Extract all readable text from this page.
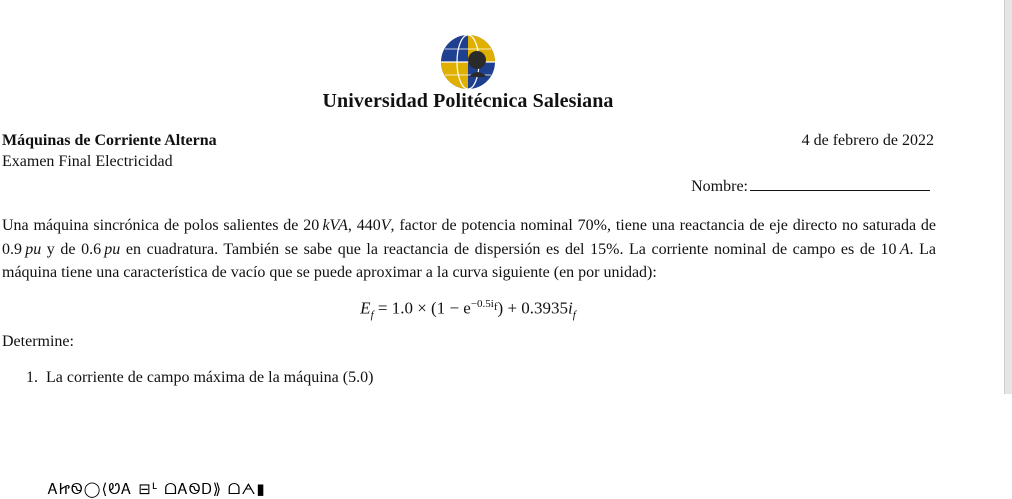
Universidad Politécnica Salesiana
Máquinas de Corriente Alterna	4 de febrero de 2022
Examen Final Electricidad
Nombre:

Una máquina sincrónica de polos salientes de 20  kVA, 440V, factor de potencia nominal 70%, tiene una reactancia de eje directo no saturada de 0.9  pu y de 0.6  pu en cuadratura. También se sabe que la reactancia de dispersión es del 15%. La corriente nominal de campo es de 10  A. La máquina tiene una característica de vacío que se puede aproximar a la curva siguiente (en por unidad):

$E_f = 1.0 \times (1 - e^{-0.5i_f}) + 0.3935i_f$
Determine:
1. La corriente de campo máxima de la máquina (5.0)
ᎪᏥᏫ◯⟨ᏬᎪ ⊟ᒻ ᗝᎪᏫᎠ⟫ ᗝᗅ▮
